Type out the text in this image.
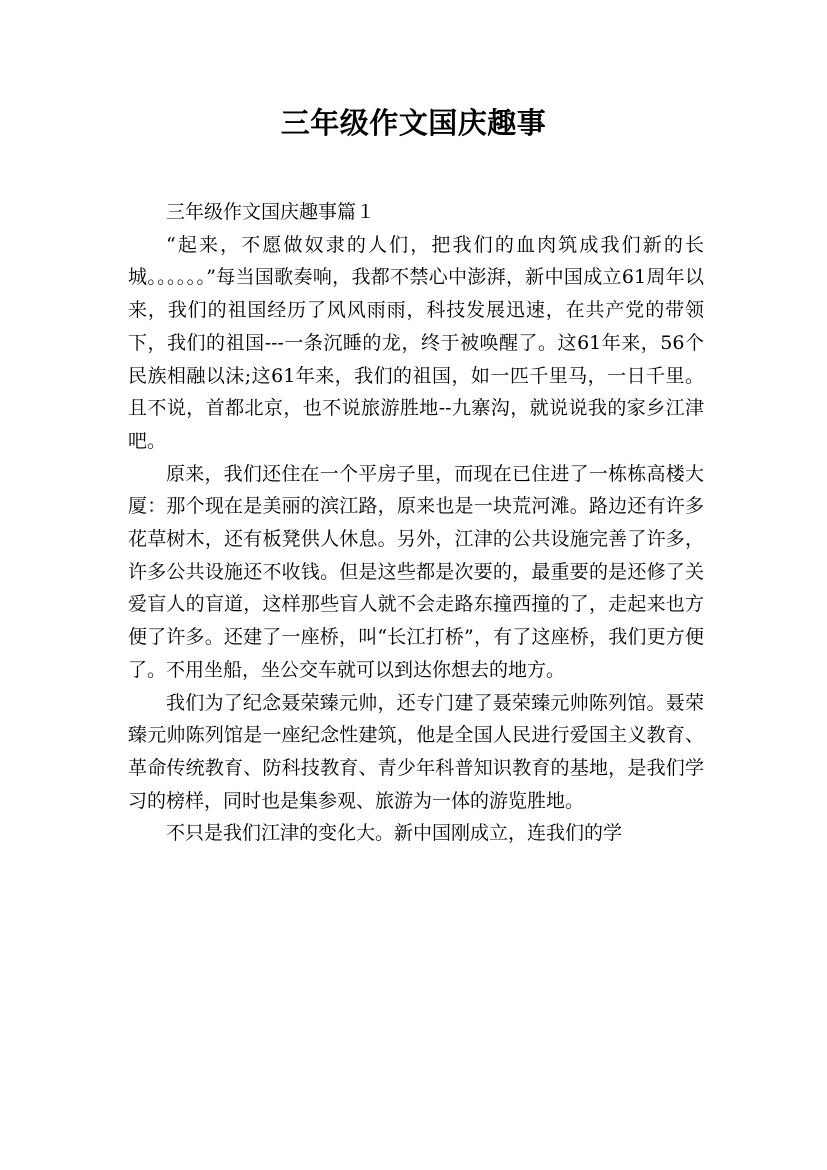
三年级作文国庆趣事
三年级作文国庆趣事篇１

“起来，不愿做奴隶的人们，把我们的血肉筑成我们新的长城。。。。。。”每当国歌奏响，我都不禁心中澎湃，新中国成立61周年以来，我们的祖国经历了风风雨雨，科技发展迅速，在共产党的带领下，我们的祖国---一条沉睡的龙，终于被唤醒了。这61年来，56个民族相融以沫;这61年来，我们的祖国，如一匹千里马，一日千里。且不说，首都北京，也不说旅游胜地--九寨沟，就说说我的家乡江津吧。

原来，我们还住在一个平房子里，而现在已住进了一栋栋高楼大厦：那个现在是美丽的滨江路，原来也是一块荒河滩。路边还有许多花草树木，还有板凳供人休息。另外，江津的公共设施完善了许多，许多公共设施还不收钱。但是这些都是次要的，最重要的是还修了关爱盲人的盲道，这样那些盲人就不会走路东撞西撞的了，走起来也方便了许多。还建了一座桥，叫“长江打桥”，有了这座桥，我们更方便了。不用坐船，坐公交车就可以到达你想去的地方。

我们为了纪念聂荣臻元帅，还专门建了聂荣臻元帅陈列馆。聂荣臻元帅陈列馆是一座纪念性建筑，他是全国人民进行爱国主义教育、革命传统教育、防科技教育、青少年科普知识教育的基地，是我们学习的榜样，同时也是集参观、旅游为一体的游览胜地。

不只是我们江津的变化大。新中国刚成立，连我们的学
